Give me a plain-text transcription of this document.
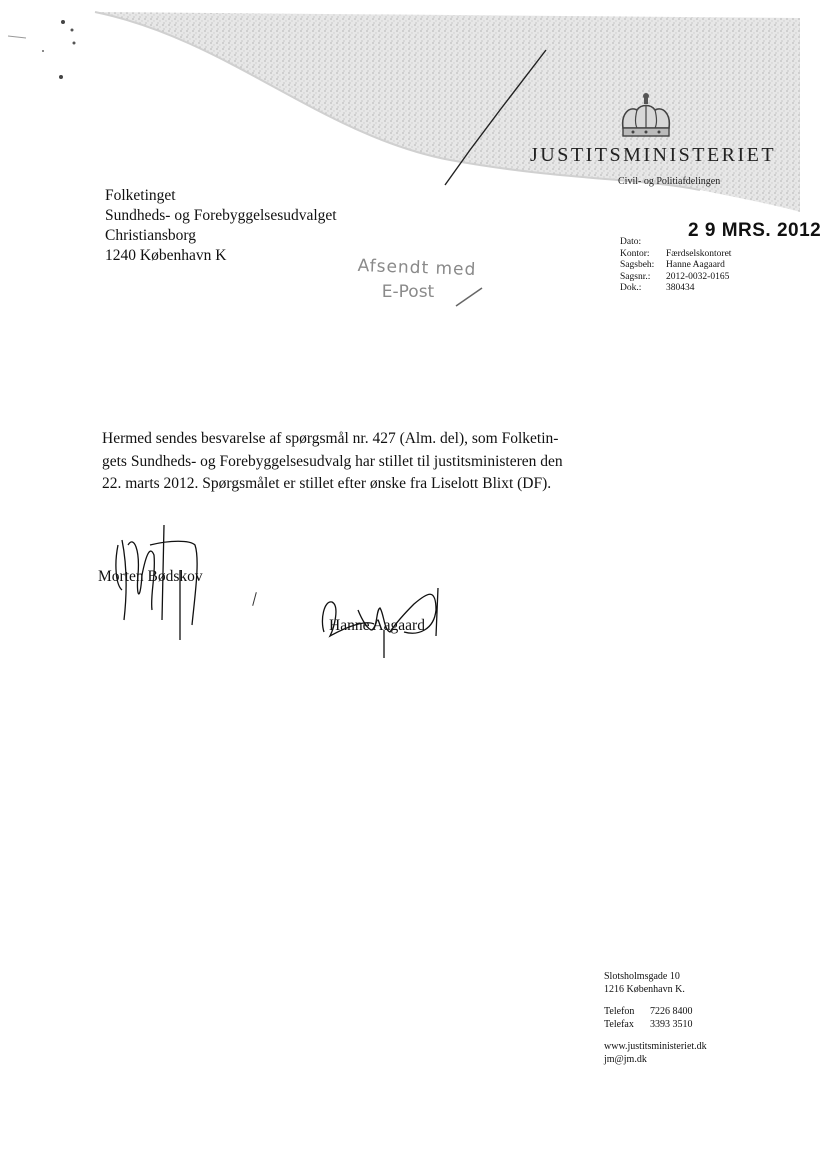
JUSTITSMINISTERIET
Civil- og Politiafdelingen
Folketinget
Sundheds- og Forebyggelsesudvalget
Christiansborg
1240 København K
Afsendt med
E-Post
Dato:
2 9 MRS. 2012
Kontor:	Færdselskontoret
Sagsbeh:	Hanne Aagaard
Sagsnr.:	2012-0032-0165
Dok.:	380434
Hermed sendes besvarelse af spørgsmål nr. 427 (Alm. del), som Folketin-
gets Sundheds- og Forebyggelsesudvalg har stillet til justitsministeren den
22. marts 2012. Spørgsmålet er stillet efter ønske fra Liselott Blixt (DF).
Morten Bødskov
Hanne Aagaard
Slotsholmsgade 10
1216 København K.
Telefon	7226 8400
Telefax	3393 3510
www.justitsministeriet.dk
jm@jm.dk
